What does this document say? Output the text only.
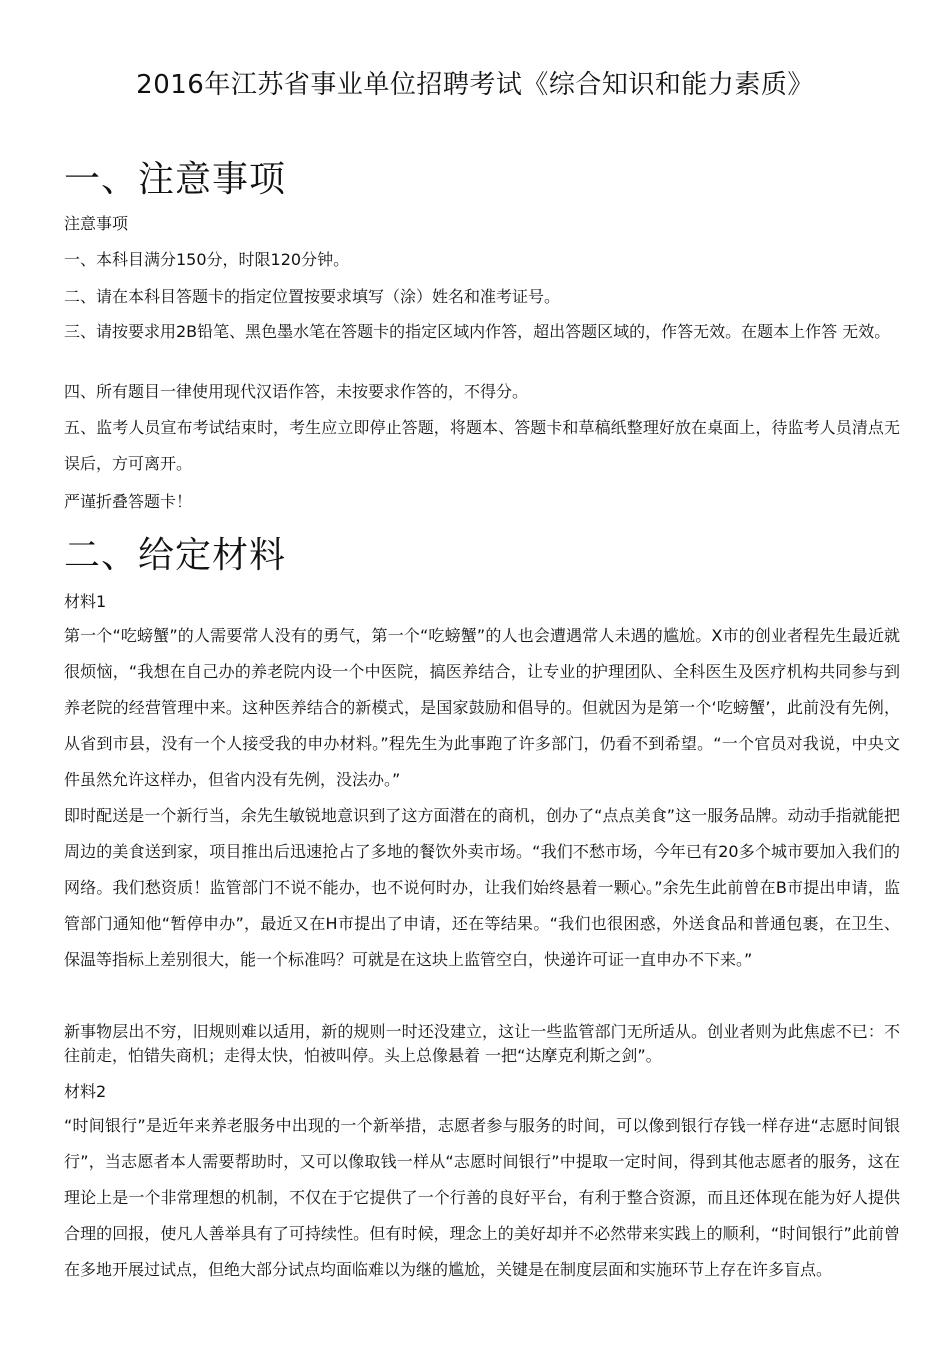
2016年江苏省事业单位招聘考试《综合知识和能力素质》
一、注意事项
注意事项
一、本科目满分150分，时限120分钟。
二、请在本科目答题卡的指定位置按要求填写（涂）姓名和准考证号。
三、请按要求用2B铅笔、黑色墨水笔在答题卡的指定区域内作答，超出答题区域的，作答无效。在题本上作答 无效。
四、所有题目一律使用现代汉语作答，未按要求作答的，不得分。
五、监考人员宣布考试结束时，考生应立即停止答题，将题本、答题卡和草稿纸整理好放在桌面上，待监考人员清点无误后，方可离开。
严谨折叠答题卡！
二、给定材料
材料1
第一个“吃螃蟹”的人需要常人没有的勇气，第一个“吃螃蟹”的人也会遭遇常人未遇的尴尬。X市的创业者程先生最近就很烦恼，“我想在自己办的养老院内设一个中医院，搞医养结合，让专业的护理团队、全科医生及医疗机构共同参与到养老院的经营管理中来。这种医养结合的新模式，是国家鼓励和倡导的。但就因为是第一个‘吃螃蟹’，此前没有先例，从省到市县，没有一个人接受我的申办材料。”程先生为此事跑了许多部门，仍看不到希望。“一个官员对我说，中央文件虽然允许这样办，但省内没有先例，没法办。”
即时配送是一个新行当，余先生敏锐地意识到了这方面潜在的商机，创办了“点点美食”这一服务品牌。动动手指就能把周边的美食送到家，项目推出后迅速抢占了多地的餐饮外卖市场。“我们不愁市场，今年已有20多个城市要加入我们的网络。我们愁资质！监管部门不说不能办，也不说何时办，让我们始终悬着一颗心。”余先生此前曾在B市提出申请，监管部门通知他“暂停申办”，最近又在H市提出了申请，还在等结果。“我们也很困惑，外送食品和普通包裹，在卫生、保温等指标上差别很大，能一个标准吗？可就是在这块上监管空白，快递许可证一直申办不下来。”
新事物层出不穷，旧规则难以适用，新的规则一时还没建立，这让一些监管部门无所适从。创业者则为此焦虑不已：不往前走，怕错失商机；走得太快，怕被叫停。头上总像悬着 一把“达摩克利斯之剑”。
材料2
“时间银行”是近年来养老服务中出现的一个新举措，志愿者参与服务的时间，可以像到银行存钱一样存进“志愿时间银行”，当志愿者本人需要帮助时，又可以像取钱一样从“志愿时间银行”中提取一定时间，得到其他志愿者的服务，这在理论上是一个非常理想的机制，不仅在于它提供了一个行善的良好平台，有利于整合资源，而且还体现在能为好人提供合理的回报，使凡人善举具有了可持续性。但有时候，理念上的美好却并不必然带来实践上的顺利，“时间银行”此前曾在多地开展过试点，但绝大部分试点均面临难以为继的尴尬，关键是在制度层面和实施环节上存在许多盲点。
